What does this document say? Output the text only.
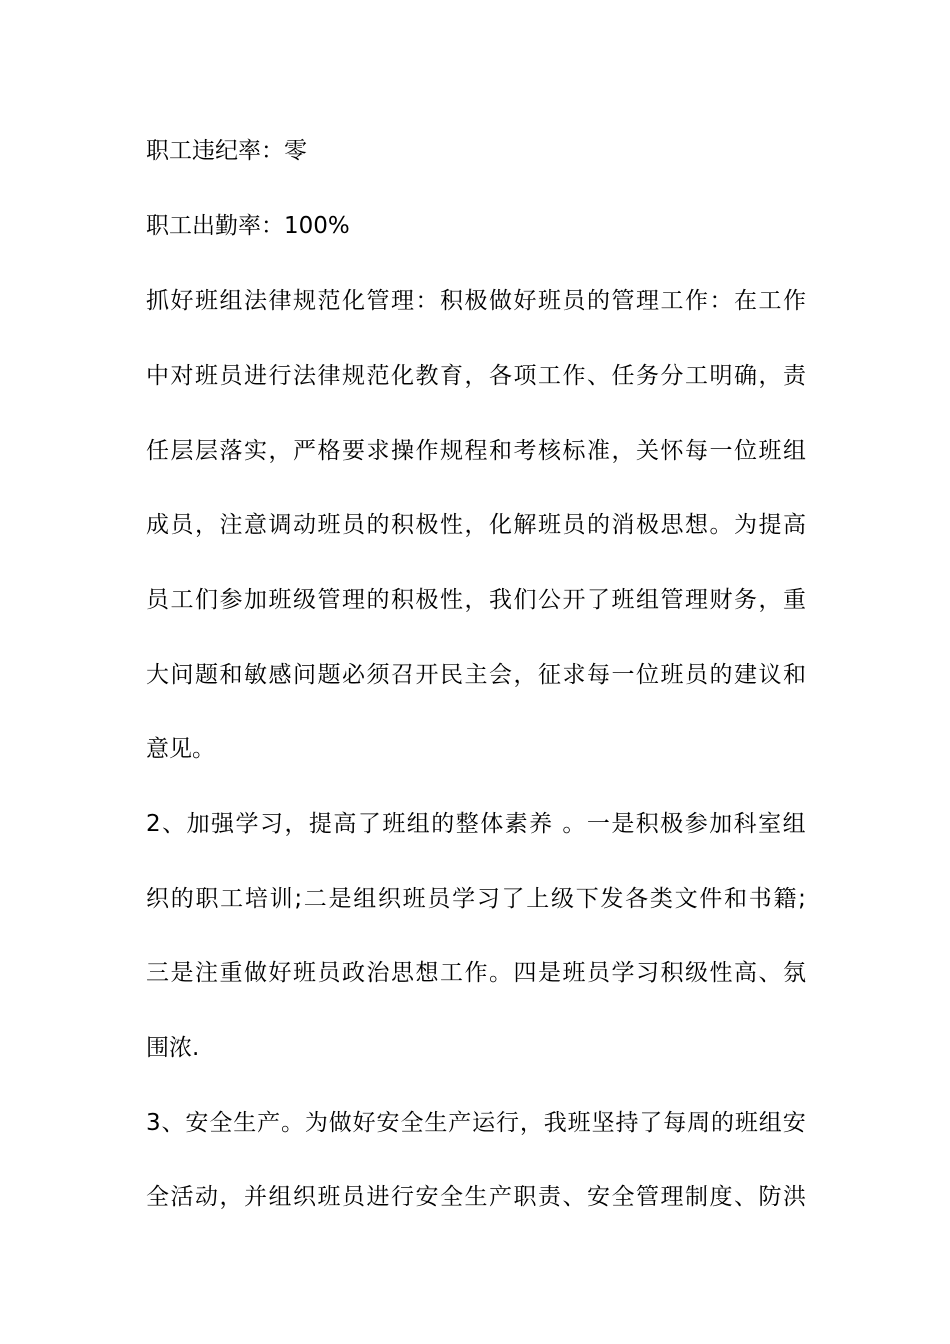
职工违纪率：零
职工出勤率：100%
抓 好 班 组 法 律 规 范 化 管 理 ： 积 极 做 好 班 员 的 管 理 工 作 ： 在 工 作
中 对 班 员 进 行 法 律 规 范 化 教 育 ， 各 项 工 作 、 任 务 分 工 明 确 ， 责
任 层 层 落 实 ， 严 格 要 求 操 作 规 程 和 考 核 标 准 ， 关 怀 每 一 位 班 组
成 员 ， 注 意 调 动 班 员 的 积 极 性 ， 化 解 班 员 的 消 极 思 想 。 为 提 高
员 工 们 参 加 班 级 管 理 的 积 极 性 ， 我 们 公 开 了 班 组 管 理 财 务 ， 重
大 问 题 和 敏 感 问 题 必 须 召 开 民 主 会 ， 征 求 每 一 位 班 员 的 建 议 和
意见。
2 、 加 强 学 习 ， 提 高 了 班 组 的 整 体 素 养
。 一 是 积 极 参 加 科 室 组
织 的 职 工 培 训 ; 二 是 组 织 班 员 学 习 了 上 级 下 发 各 类 文 件 和 书 籍 ;
三 是 注 重 做 好 班 员 政 治 思 想 工 作 。 四 是 班 员 学 习 积 级 性 高 、 氛
围浓.
3 、 安 全 生 产 。 为 做 好 安 全 生 产 运 行 ， 我 班 坚 持 了 每 周 的 班 组 安
全 活 动 ， 并 组 织 班 员 进 行 安 全 生 产 职 责 、 安 全 管 理 制 度 、 防 洪
